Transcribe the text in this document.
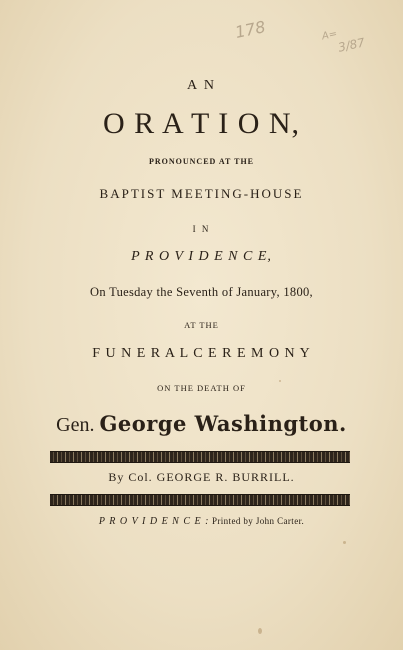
178	A=
3/87
A N
O R A T I O N,
PRONOUNCED AT THE
BAPTIST MEETING-HOUSE
I N
P R O V I D E N C E,
On Tuesday the Seventh of January, 1800,
AT THE
F U N E R A L C E R E M O N Y
ON THE DEATH OF
Gen. George Washington.
By Col. GEORGE R. BURRILL.
P R O V I D E N C E : Printed by John Carter.
